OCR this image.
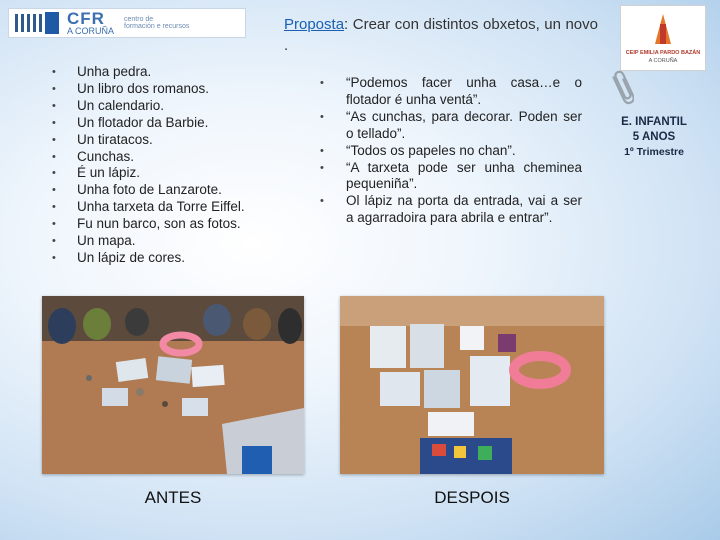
CFR
A CORUÑA
centro de
formación e recursos	Proposta: Crear con distintos obxetos, un novo .	CEIP EMILIA PARDO BAZÁN
A CORUÑA
E. INFANTIL
5 ANOS
1º Trimestre
• Unha pedra.
• Un libro dos romanos.
• Un calendario.
• Un flotador da Barbie.
• Un tiratacos.
• Cunchas.
• É un lápiz.
• Unha foto de Lanzarote.
• Unha tarxeta da Torre Eiffel.
• Fu nun barco, son as fotos.
• Un mapa.
• Un lápiz de cores.
• “Podemos facer unha casa…e o flotador é unha ventá”.
• “As cunchas, para decorar. Poden ser o tellado”.
• “Todos os papeles no chan”.
• “A tarxeta pode ser unha cheminea pequeniña”.
• Ol lápiz na porta da entrada, vai a ser a agarradoira para abrila e entrar”.
ANTES	DESPOIS
